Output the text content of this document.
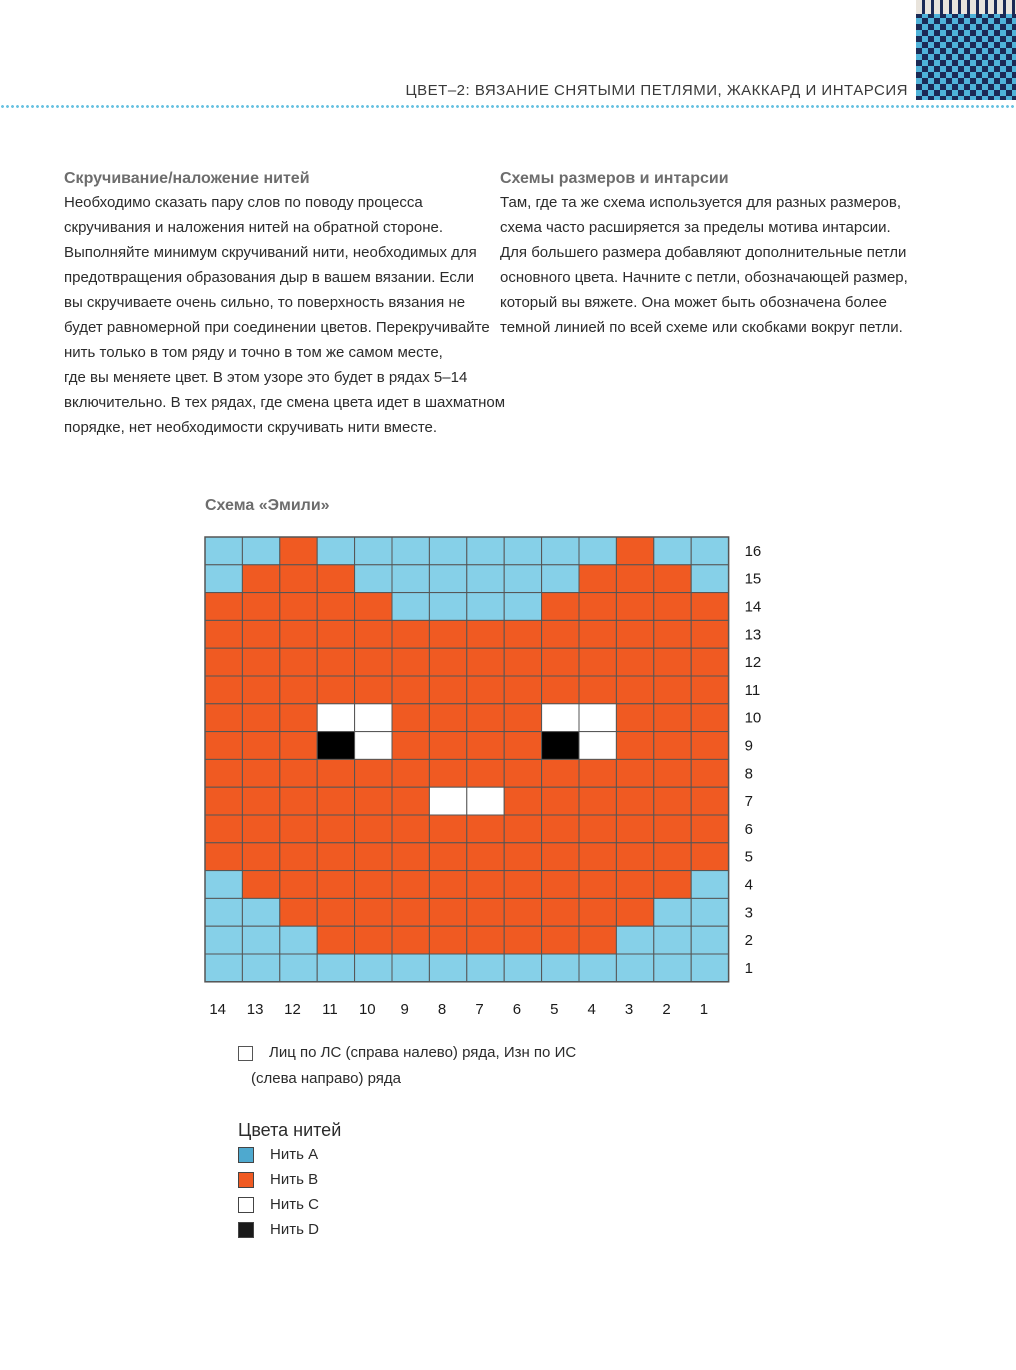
ЦВЕТ–2: ВЯЗАНИЕ СНЯТЫМИ ПЕТЛЯМИ, ЖАККАРД И ИНТАРСИЯ
Скручивание/наложение нитей
Необходимо сказать пару слов по поводу процесса
скручивания и наложения нитей на обратной стороне.
Выполняйте минимум скручиваний нити, необходимых для
предотвращения образования дыр в вашем вязании. Если
вы скручиваете очень сильно, то поверхность вязания не
будет равномерной при соединении цветов. Перекручивайте
нить только в том ряду и точно в том же самом месте,
где вы меняете цвет. В этом узоре это будет в рядах 5–14
включительно. В тех рядах, где смена цвета идет в шахматном
порядке, нет необходимости скручивать нити вместе.
Схемы размеров и интарсии
Там, где та же схема используется для разных размеров,
схема часто расширяется за пределы мотива интарсии.
Для большего размера добавляют дополнительные петли
основного цвета. Начните с петли, обозначающей размер,
который вы вяжете. Она может быть обозначена более
темной линией по всей схеме или скобками вокруг петли.
Схема «Эмили»
16
15
14
13
12
11
10
9
8
7
6
5
4
3
2
1
14 13 12 11 10 9 8 7 6 5 4 3 2 1
Лиц по ЛС (справа налево) ряда, Изн по ИС
(слева направо) ряда
Цвета нитей
Нить A
Нить B
Нить C
Нить D
